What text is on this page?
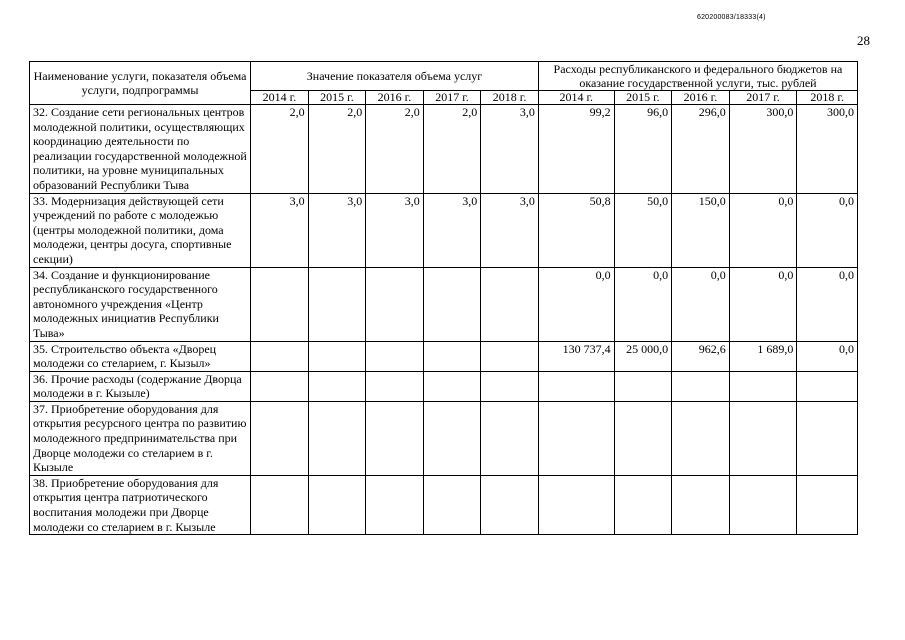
620200083/18333(4)
28
Наименование услуги, показателя объема услуги, подпрограммы	Значение показателя объема услуг					Расходы республиканского и федерального бюджетов на оказание государственной услуги, тыс. рублей				
	2014 г.	2015 г.	2016 г.	2017 г.	2018 г.	2014 г.	2015 г.	2016 г.	2017 г.	2018 г.
32. Создание сети региональных центров молодежной политики, осуществляющих координацию деятельности по реализации государственной молодежной политики, на уровне муниципальных образований Республики Тыва	2,0	2,0	2,0	2,0	3,0	99,2	96,0	296,0	300,0	300,0
33. Модернизация действующей сети учреждений по работе с молодежью (центры молодежной политики, дома молодежи, центры досуга, спортивные секции)	3,0	3,0	3,0	3,0	3,0	50,8	50,0	150,0	0,0	0,0
34. Создание и функционирование республиканского государственного автономного учреждения «Центр молодежных инициатив Республики Тыва»						0,0	0,0	0,0	0,0	0,0
35. Строительство объекта «Дворец молодежи со стеларием, г. Кызыл»						130 737,4	25 000,0	962,6	1 689,0	0,0
36. Прочие расходы (содержание Дворца молодежи в г. Кызыле)										
37. Приобретение оборудования для открытия ресурсного центра по развитию молодежного предпринимательства при Дворце молодежи со стеларием в г. Кызыле										
38. Приобретение оборудования для открытия центра патриотического воспитания молодежи при Дворце молодежи со стеларием в г. Кызыле										
